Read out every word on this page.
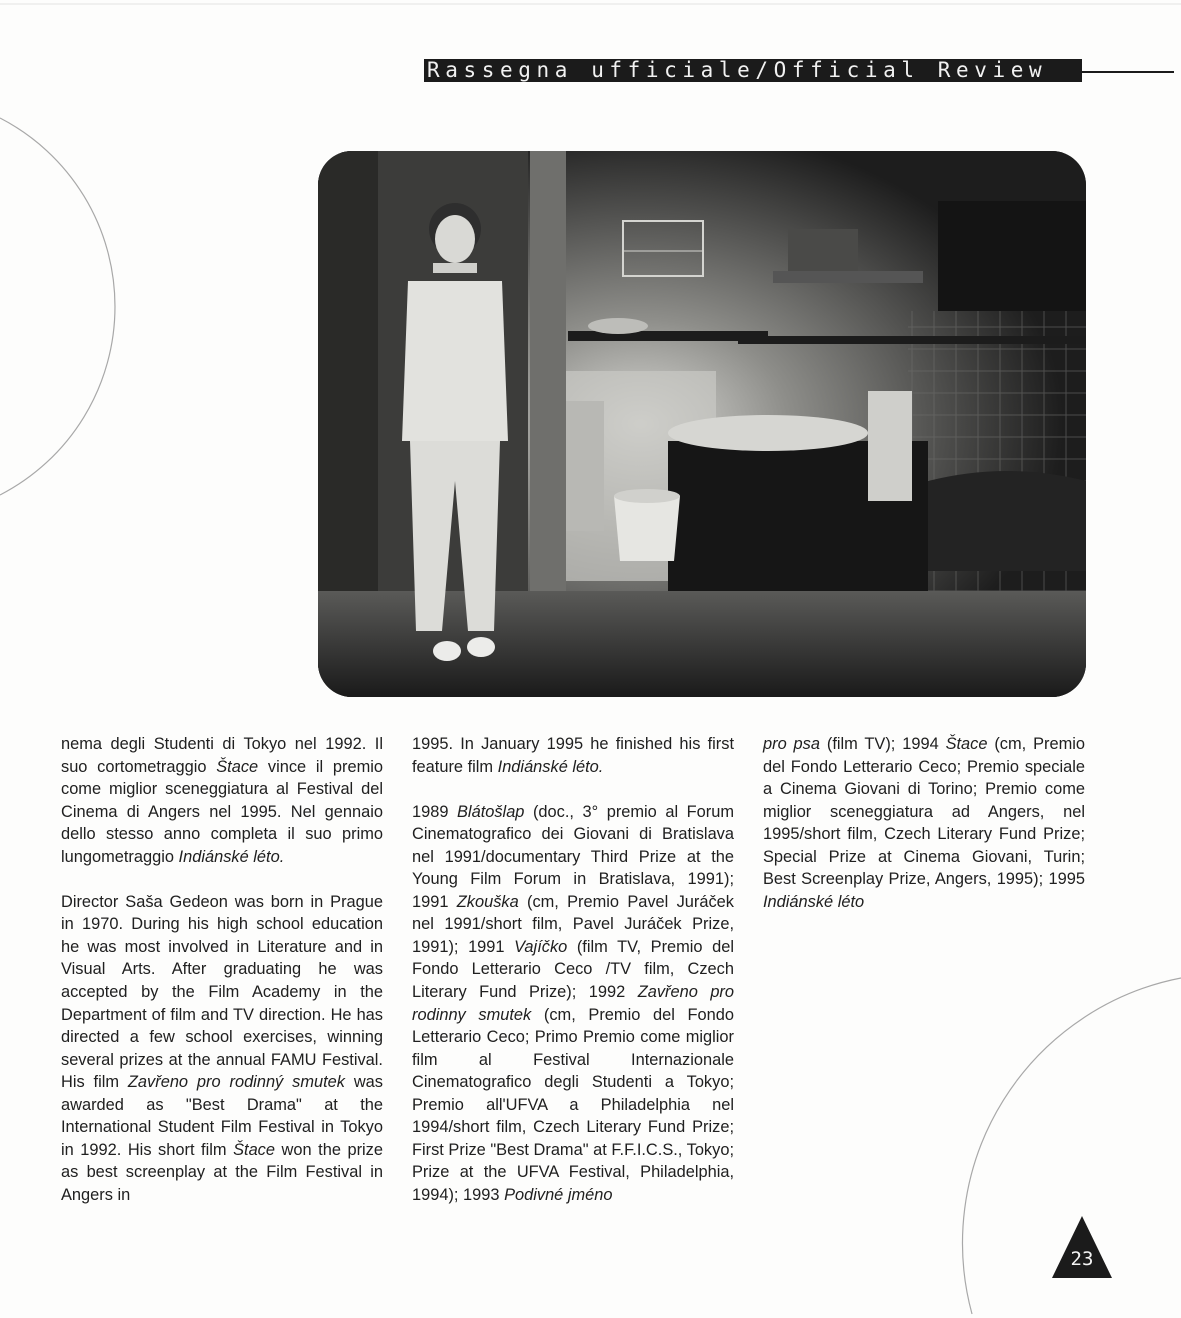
Rassegna ufficiale/Official Review

nema degli Studenti di Tokyo nel 1992. Il suo cortometraggio Štace vince il premio come miglior sceneggiatura al Festival del Cinema di Angers nel 1995. Nel gennaio dello stesso anno completa il suo primo lungometraggio Indiánské léto.

Director Saša Gedeon was born in Prague in 1970. During his high school education he was most involved in Literature and in Visual Arts. After graduating he was accepted by the Film Academy in the Department of film and TV direction. He has directed a few school exercises, winning several prizes at the annual FAMU Festival. His film Zavřeno pro rodinný smutek was awarded as "Best Drama" at the International Student Film Festival in Tokyo in 1992. His short film Štace won the prize as best screenplay at the Film Festival in Angers in

1995. In January 1995 he finished his first feature film Indiánské léto.

1989 Blátošlap (doc., 3° premio al Forum Cinematografico dei Giovani di Bratislava nel 1991/documentary Third Prize at the Young Film Forum in Bratislava, 1991); 1991 Zkouška (cm, Premio Pavel Juráček nel 1991/short film, Pavel Juráček Prize, 1991); 1991 Vajíčko (film TV, Premio del Fondo Letterario Ceco /TV film, Czech Literary Fund Prize); 1992 Zavřeno pro rodinny smutek (cm, Premio del Fondo Letterario Ceco; Primo Premio come miglior film al Festival Internazionale Cinematografico degli Studenti a Tokyo; Premio all'UFVA a Philadelphia nel 1994/short film, Czech Literary Fund Prize; First Prize "Best Drama" at F.F.I.C.S., Tokyo; Prize at the UFVA Festival, Philadelphia, 1994); 1993 Podivné jméno

pro psa (film TV); 1994 Štace (cm, Premio del Fondo Letterario Ceco; Premio speciale a Cinema Giovani di Torino; Premio come miglior sceneggiatura ad Angers, nel 1995/short film, Czech Literary Fund Prize; Special Prize at Cinema Giovani, Turin; Best Screenplay Prize, Angers, 1995); 1995 Indiánské léto

23
